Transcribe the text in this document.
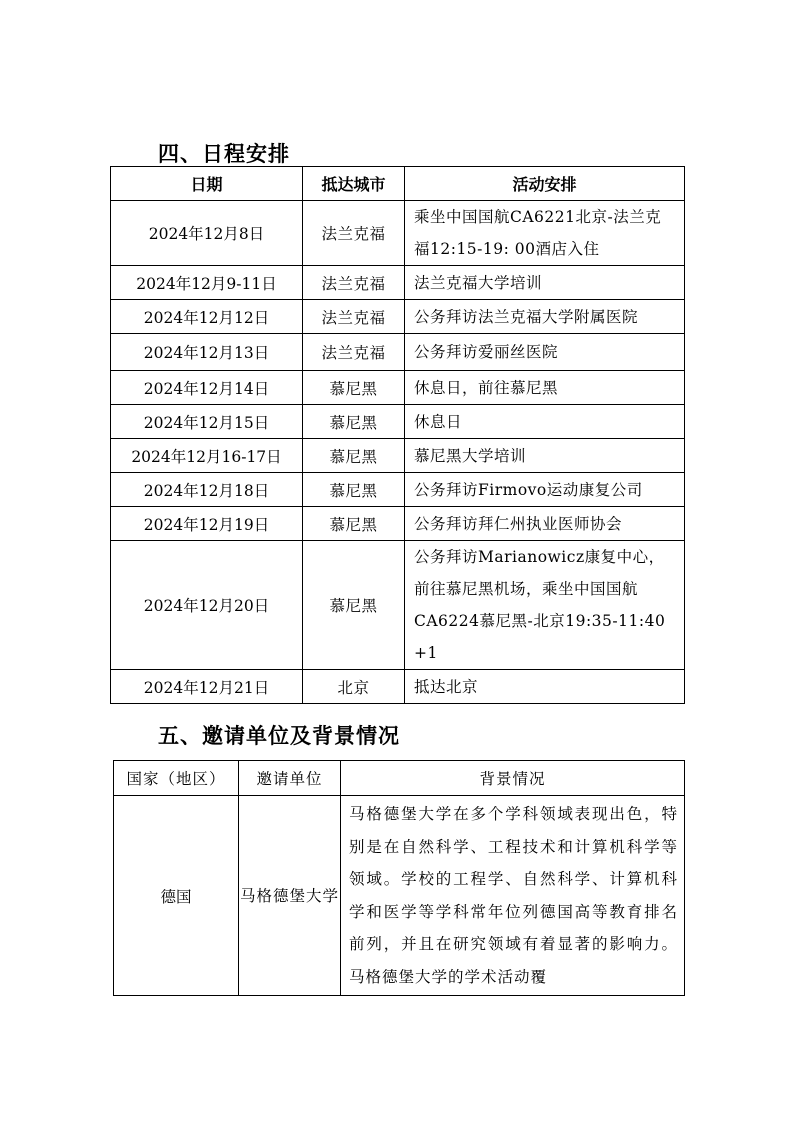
四、日程安排
日期	抵达城市	活动安排
2024年12月8日	法兰克福	乘坐中国国航CA6221北京-法兰克福12:15-19: 00酒店入住
2024年12月9-11日	法兰克福	法兰克福大学培训
2024年12月12日	法兰克福	公务拜访法兰克福大学附属医院
2024年12月13日	法兰克福	公务拜访爱丽丝医院
2024年12月14日	慕尼黑	休息日，前往慕尼黑
2024年12月15日	慕尼黑	休息日
2024年12月16-17日	慕尼黑	慕尼黑大学培训
2024年12月18日	慕尼黑	公务拜访Firmovo运动康复公司
2024年12月19日	慕尼黑	公务拜访拜仁州执业医师协会
2024年12月20日	慕尼黑	公务拜访Marianowicz康复中心，前往慕尼黑机场，乘坐中国国航CA6224慕尼黑-北京19:35-11:40 +1
2024年12月21日	北京	抵达北京
五、邀请单位及背景情况
国家（地区）	邀请单位	背景情况
德国	马格德堡大学	马格德堡大学在多个学科领域表现出色，特别是在自然科学、工程技术和计算机科学等领域。学校的工程学、自然科学、计算机科学和医学等学科常年位列德国高等教育排名前列，并且在研究领域有着显著的影响力。马格德堡大学的学术活动覆
